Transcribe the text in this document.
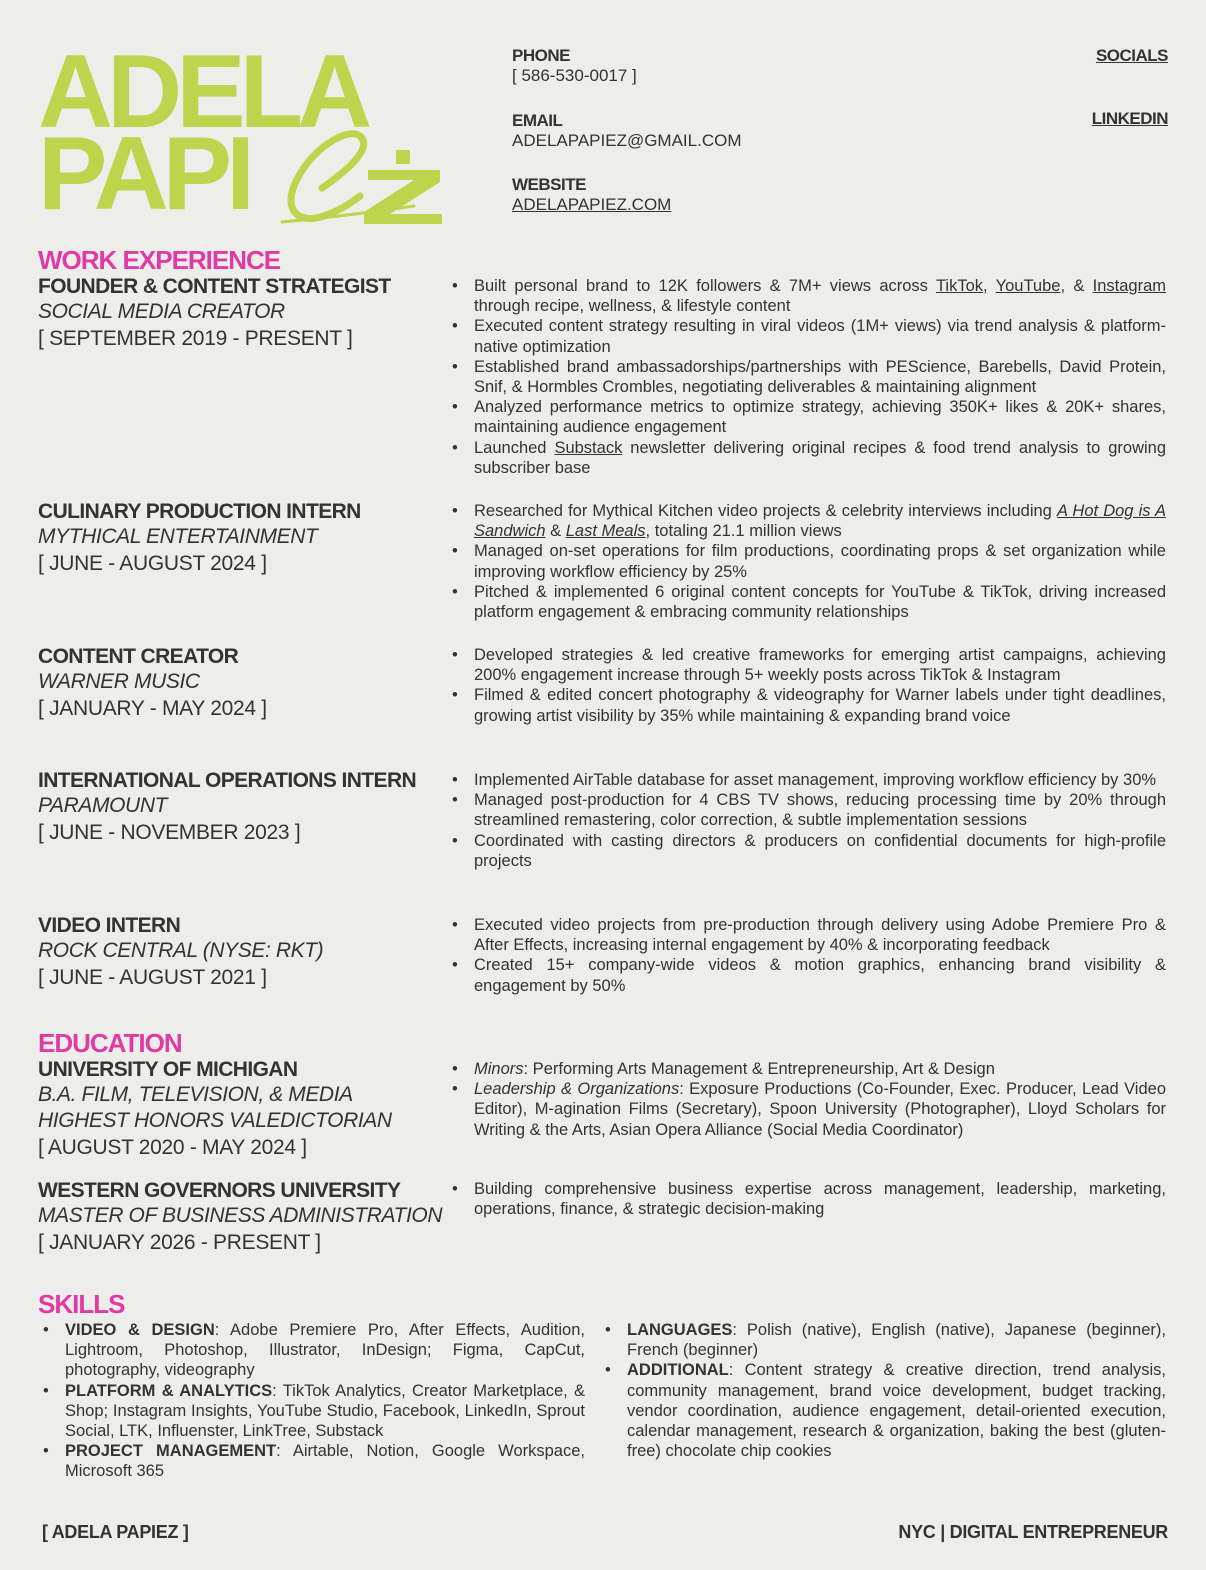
ADELA
PAPI
PHONE
[ 586-530-0017 ]
EMAIL
ADELAPAPIEZ@GMAIL.COM
WEBSITE
ADELAPAPIEZ.COM
SOCIALS
LINKEDIN
WORK EXPERIENCE
FOUNDER & CONTENT STRATEGIST
SOCIAL MEDIA CREATOR
[ SEPTEMBER 2019 - PRESENT ]
• Built personal brand to 12K followers & 7M+ views across TikTok, YouTube, & Instagram through recipe, wellness, & lifestyle content
• Executed content strategy resulting in viral videos (1M+ views) via trend analysis & platform-native optimization
• Established brand ambassadorships/partnerships with PEScience, Barebells, David Protein, Snif, & Hormbles Crombles, negotiating deliverables & maintaining alignment
• Analyzed performance metrics to optimize strategy, achieving 350K+ likes & 20K+ shares, maintaining audience engagement
• Launched Substack newsletter delivering original recipes & food trend analysis to growing subscriber base
CULINARY PRODUCTION INTERN
MYTHICAL ENTERTAINMENT
[ JUNE - AUGUST 2024 ]
• Researched for Mythical Kitchen video projects & celebrity interviews including A Hot Dog is A Sandwich & Last Meals, totaling 21.1 million views
• Managed on-set operations for film productions, coordinating props & set organization while improving workflow efficiency by 25%
• Pitched & implemented 6 original content concepts for YouTube & TikTok, driving increased platform engagement & embracing community relationships
CONTENT CREATOR
WARNER MUSIC
[ JANUARY - MAY 2024 ]
• Developed strategies & led creative frameworks for emerging artist campaigns, achieving 200% engagement increase through 5+ weekly posts across TikTok & Instagram
• Filmed & edited concert photography & videography for Warner labels under tight deadlines, growing artist visibility by 35% while maintaining & expanding brand voice
INTERNATIONAL OPERATIONS INTERN
PARAMOUNT
[ JUNE - NOVEMBER 2023 ]
• Implemented AirTable database for asset management, improving workflow efficiency by 30%
• Managed post-production for 4 CBS TV shows, reducing processing time by 20% through streamlined remastering, color correction, & subtle implementation sessions
• Coordinated with casting directors & producers on confidential documents for high-profile projects
VIDEO INTERN
ROCK CENTRAL (NYSE: RKT)
[ JUNE - AUGUST 2021 ]
• Executed video projects from pre-production through delivery using Adobe Premiere Pro & After Effects, increasing internal engagement by 40% & incorporating feedback
• Created 15+ company-wide videos & motion graphics, enhancing brand visibility & engagement by 50%
EDUCATION
UNIVERSITY OF MICHIGAN
B.A. FILM, TELEVISION, & MEDIA
HIGHEST HONORS VALEDICTORIAN
[ AUGUST 2020 - MAY 2024 ]
• Minors: Performing Arts Management & Entrepreneurship, Art & Design
• Leadership & Organizations: Exposure Productions (Co-Founder, Exec. Producer, Lead Video Editor), M-agination Films (Secretary), Spoon University (Photographer), Lloyd Scholars for Writing & the Arts, Asian Opera Alliance (Social Media Coordinator)
WESTERN GOVERNORS UNIVERSITY
MASTER OF BUSINESS ADMINISTRATION
[ JANUARY 2026 - PRESENT ]
• Building comprehensive business expertise across management, leadership, marketing, operations, finance, & strategic decision-making
SKILLS
• VIDEO & DESIGN: Adobe Premiere Pro, After Effects, Audition, Lightroom, Photoshop, Illustrator, InDesign; Figma, CapCut, photography, videography
• PLATFORM & ANALYTICS: TikTok Analytics, Creator Marketplace, & Shop; Instagram Insights, YouTube Studio, Facebook, LinkedIn, Sprout Social, LTK, Influenster, LinkTree, Substack
• PROJECT MANAGEMENT: Airtable, Notion, Google Workspace, Microsoft 365
• LANGUAGES: Polish (native), English (native), Japanese (beginner), French (beginner)
• ADDITIONAL: Content strategy & creative direction, trend analysis, community management, brand voice development, budget tracking, vendor coordination, audience engagement, detail-oriented execution, calendar management, research & organization, baking the best (gluten-free) chocolate chip cookies
[ ADELA PAPIEZ ]	NYC | DIGITAL ENTREPRENEUR
